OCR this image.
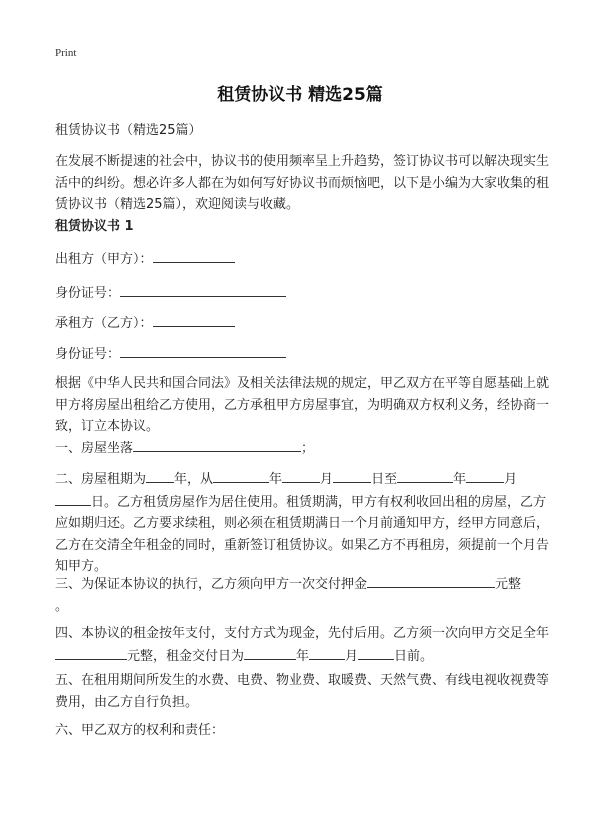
Print
租赁协议书 精选25篇
租赁协议书（精选25篇）
在发展不断提速的社会中，协议书的使用频率呈上升趋势，签订协议书可以解决现实生活中的纠纷。想必许多人都在为如何写好协议书而烦恼吧，以下是小编为大家收集的租赁协议书（精选25篇），欢迎阅读与收藏。
租赁协议书 1
出租方（甲方）：
身份证号：
承租方（乙方）：
身份证号：
根据《中华人民共和国合同法》及相关法律法规的规定，甲乙双方在平等自愿基础上就甲方将房屋出租给乙方使用，乙方承租甲方房屋事宜，为明确双方权利义务，经协商一致，订立本协议。
一、房屋坐落	；
二、房屋租期为 年，从	年	月	日至	年	月日。乙方租赁房屋作为居住使用。租赁期满，甲方有权利收回出租的房屋，乙方应如期归还。乙方要求续租，则必须在租赁期满日一个月前通知甲方，经甲方同意后，乙方在交清全年租金的同时，重新签订租赁协议。如果乙方不再租房，须提前一个月告知甲方。
三、为保证本协议的执行，乙方须向甲方一次交付押金	元整
。
四、本协议的租金按年支付，支付方式为现金，先付后用。乙方须一次向甲方交足全年元整，租金交付日为	年	月	日前。
五、在租用期间所发生的水费、电费、物业费、取暖费、天然气费、有线电视收视费等费用，由乙方自行负担。
六、甲乙双方的权利和责任：
